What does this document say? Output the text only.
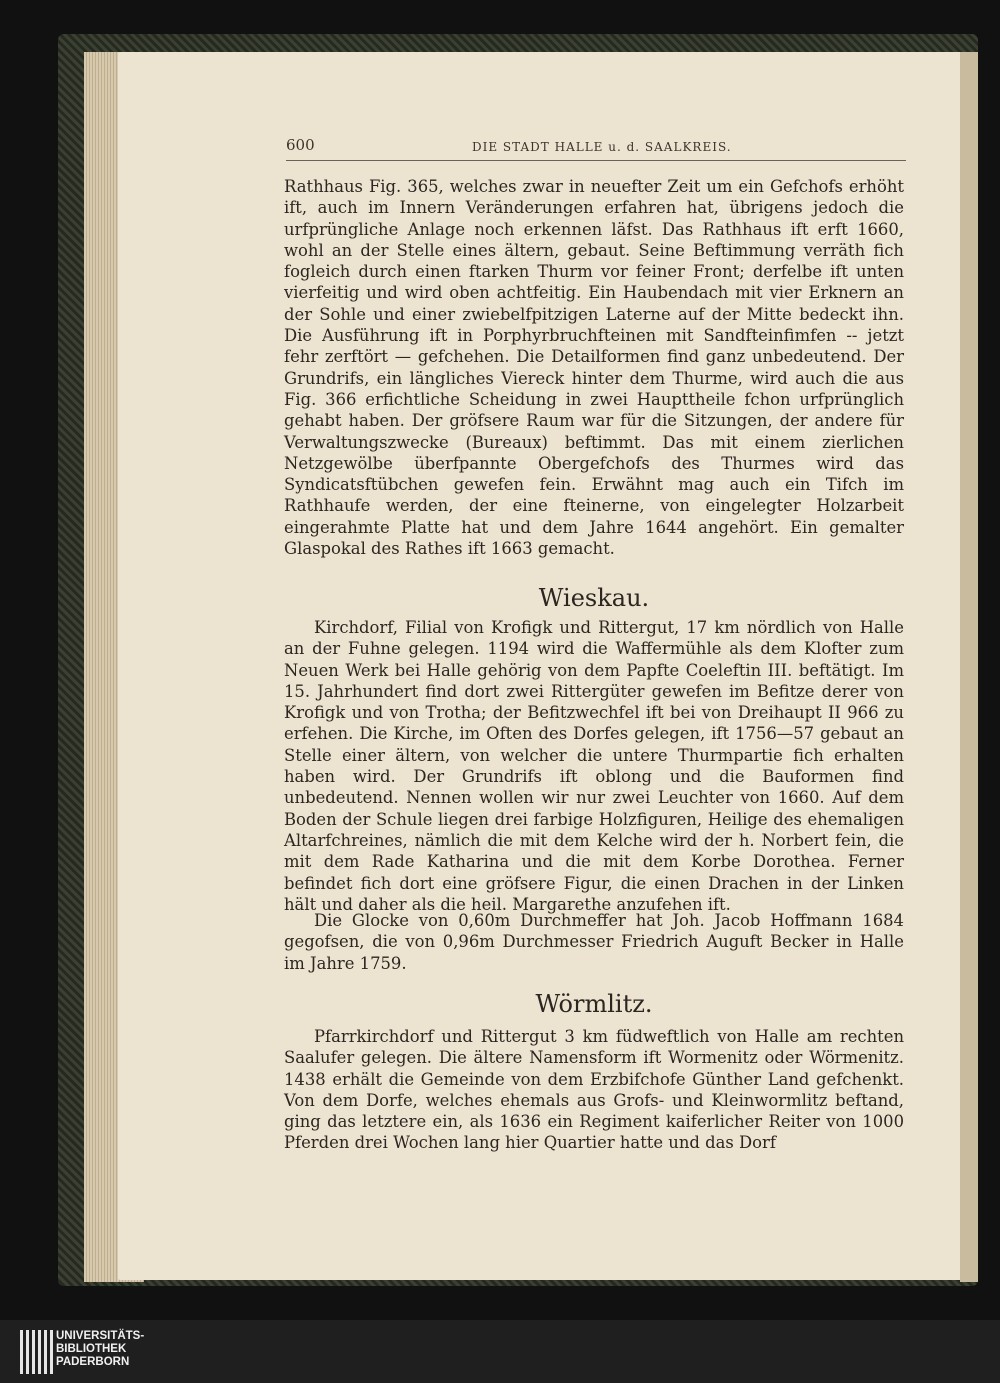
600	DIE STADT HALLE u. d. SAALKREIS.

Rathhaus Fig. 365, welches zwar in neuefter Zeit um ein Gefchofs erhöht ift, auch im Innern Veränderungen erfahren hat, übrigens jedoch die urfprüngliche Anlage noch erkennen läfst. Das Rathhaus ift erft 1660, wohl an der Stelle eines ältern, gebaut. Seine Beftimmung verräth fich fogleich durch einen ftarken Thurm vor feiner Front; derfelbe ift unten vierfeitig und wird oben achtfeitig. Ein Haubendach mit vier Erknern an der Sohle und einer zwiebelfpitzigen Laterne auf der Mitte bedeckt ihn. Die Ausführung ift in Porphyrbruchfteinen mit Sandfteinfimfen -- jetzt fehr zerftört — gefchehen. Die Detailformen find ganz unbedeutend. Der Grundrifs, ein längliches Viereck hinter dem Thurme, wird auch die aus Fig. 366 erfichtliche Scheidung in zwei Haupttheile fchon urfprünglich gehabt haben. Der gröfsere Raum war für die Sitzungen, der andere für Verwaltungszwecke (Bureaux) beftimmt. Das mit einem zierlichen Netzgewölbe überfpannte Obergefchofs des Thurmes wird das Syndicatsftübchen gewefen fein. Erwähnt mag auch ein Tifch im Rathhaufe werden, der eine fteinerne, von eingelegter Holzarbeit eingerahmte Platte hat und dem Jahre 1644 angehört. Ein gemalter Glaspokal des Rathes ift 1663 gemacht.

Wieskau.

Kirchdorf, Filial von Krofigk und Rittergut, 17 km nördlich von Halle an der Fuhne gelegen. 1194 wird die Waffermühle als dem Klofter zum Neuen Werk bei Halle gehörig von dem Papfte Coeleftin III. beftätigt. Im 15. Jahrhundert find dort zwei Rittergüter gewefen im Befitze derer von Krofigk und von Trotha; der Befitzwechfel ift bei von Dreihaupt II 966 zu erfehen. Die Kirche, im Often des Dorfes gelegen, ift 1756—57 gebaut an Stelle einer ältern, von welcher die untere Thurmpartie fich erhalten haben wird. Der Grundrifs ift oblong und die Bauformen find unbedeutend. Nennen wollen wir nur zwei Leuchter von 1660. Auf dem Boden der Schule liegen drei farbige Holzfiguren, Heilige des ehemaligen Altarfchreines, nämlich die mit dem Kelche wird der h. Norbert fein, die mit dem Rade Katharina und die mit dem Korbe Dorothea. Ferner befindet fich dort eine gröfsere Figur, die einen Drachen in der Linken hält und daher als die heil. Margarethe anzufehen ift.

Die Glocke von 0,60m Durchmeffer hat Joh. Jacob Hoffmann 1684 gegofsen, die von 0,96m Durchmesser Friedrich Auguft Becker in Halle im Jahre 1759.

Wörmlitz.

Pfarrkirchdorf und Rittergut 3 km füdweftlich von Halle am rechten Saalufer gelegen. Die ältere Namensform ift Wormenitz oder Wörmenitz. 1438 erhält die Gemeinde von dem Erzbifchofe Günther Land gefchenkt. Von dem Dorfe, welches ehemals aus Grofs- und Kleinwormlitz beftand, ging das letztere ein, als 1636 ein Regiment kaiferlicher Reiter von 1000 Pferden drei Wochen lang hier Quartier hatte und das Dorf

UNIVERSITÄTS-
BIBLIOTHEK
PADERBORN
